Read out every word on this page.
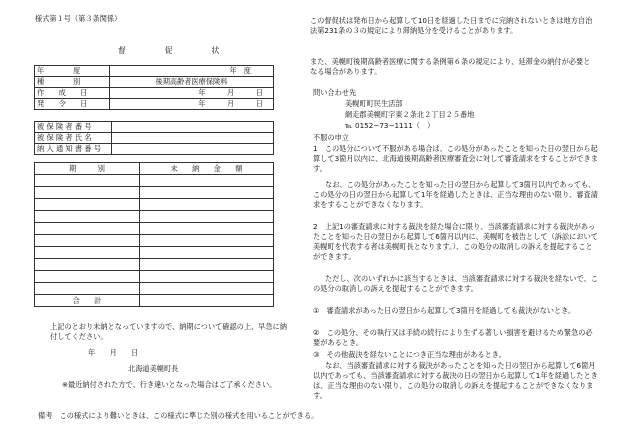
様式第１号（第３条関係）
督　　　　　促　　　　　状
年　　　　度	年　度
種　　　　別	後期高齢者医療保険料
作　　成　　日	年　　　月　　　日
発　　令　　日	年　　　月　　　日
被 保 険 者 番 号	
被 保 険 者 氏 名	
納 入 通 知 書 番 号	
期　　　別	未　　納　　金　　額

合　　計	
上記のとおり未納となっていますので、納期について確認の上、早急に納付してください。
年　　月　　日
北海道美幌町長
※最近納付された方で、行き違いとなった場合はご了承ください。
備考　この様式により難いときは、この様式に準じた別の様式を用いることができる。
この督促状は発布日から起算して10日を経過した日までに完納されないときは地方自治法第231条の３の規定により滞納処分を受けることがあります。
また、美幌町後期高齢者医療に関する条例第６条の規定により、延滞金の納付が必要となる場合があります。
問い合わせ先
美幌町町民生活部
網走郡美幌町字東２条北２丁目２５番地
℡ 0152−73−1111（　）
不服の申立
1　この処分について不服がある場合は、この処分があったことを知った日の翌日から起算して3箇月以内に、北海道後期高齢者医療審査会に対して審査請求をすることができます。
なお、この処分があったことを知った日の翌日から起算して3箇月以内であっても、この処分の日の翌日から起算して1年を経過したときは、正当な理由のない限り、審査請求をすることができなくなります。
2　上記1の審査請求に対する裁決を経た場合に限り、当該審査請求に対する裁決があったことを知った日の翌日から起算して6箇月以内に、美幌町を被告として（訴訟において美幌町を代表する者は美幌町長となります。）、この処分の取消しの訴えを提起することができます。
ただし、次のいずれかに該当するときは、当該審査請求に対する裁決を経ないで、この処分の取消しの訴えを提起することができます。
①　審査請求があった日の翌日から起算して3箇月を経過しても裁決がないとき。
②　この処分、その執行又は手続の続行により生ずる著しい損害を避けるため緊急の必要があるとき。
③　その他裁決を経ないことにつき正当な理由があるとき。
なお、当該審査請求に対する裁決があったことを知った日の翌日から起算して6箇月以内であっても、当該審査請求に対する裁決の日の翌日から起算して1年を経過したときは、正当な理由のない限り、この処分の取消しの訴えを提起することができなくなります。
